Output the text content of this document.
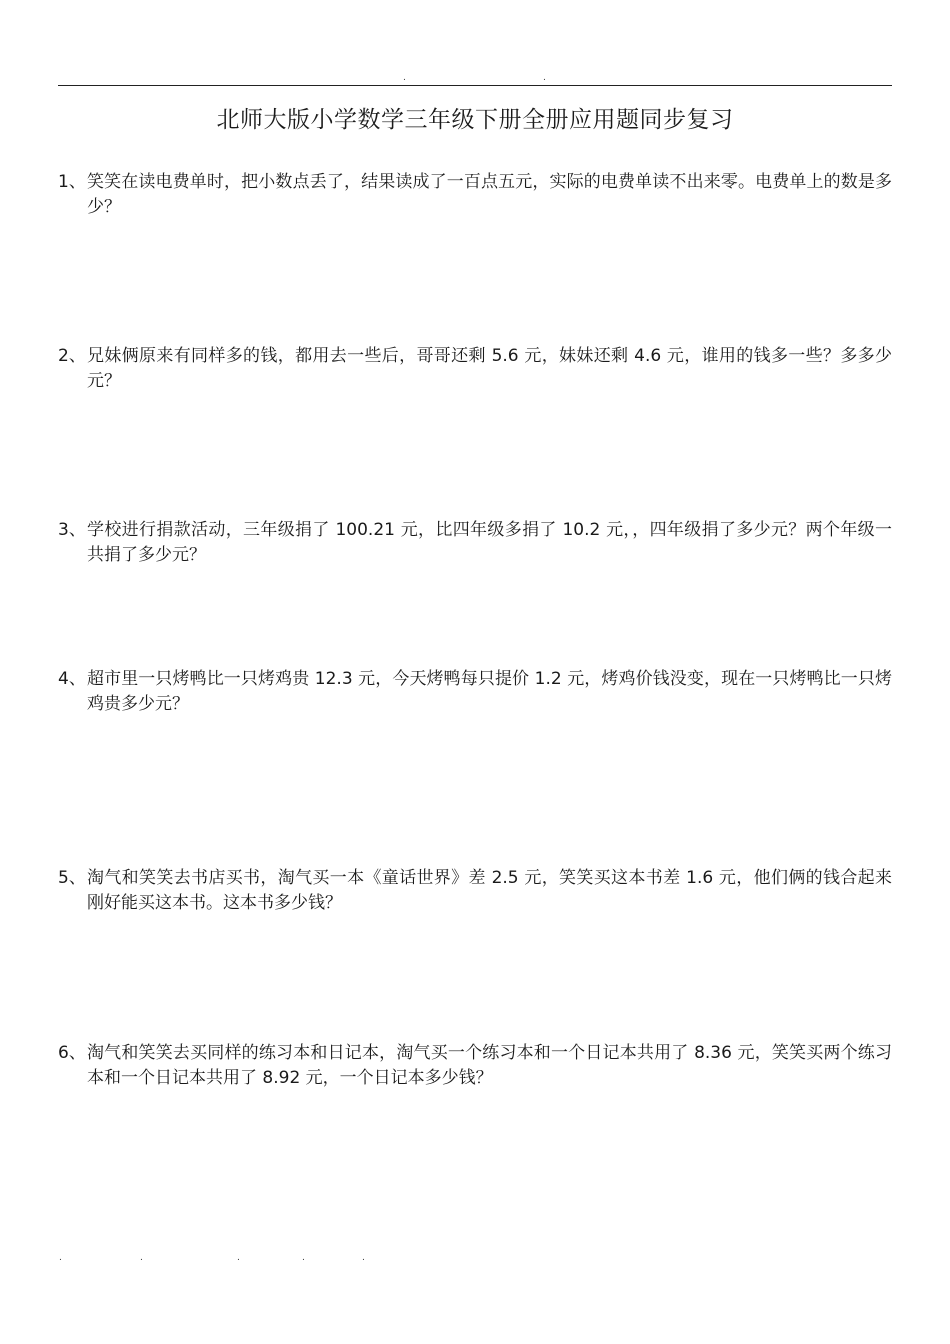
.	.
北师大版小学数学三年级下册全册应用题同步复习
1、 笑笑在读电费单时，把小数点丢了，结果读成了一百点五元，实际的电费单读不出来零。电费单上的数是多少？
2、 兄妹俩原来有同样多的钱，都用去一些后，哥哥还剩 5.6 元，妹妹还剩 4.6 元，谁用的钱多一些？多多少元？
3、 学校进行捐款活动，三年级捐了 100.21 元，比四年级多捐了 10.2 元，，四年级捐了多少元？两个年级一共捐了多少元？
4、 超市里一只烤鸭比一只烤鸡贵 12.3 元，今天烤鸭每只提价 1.2 元，烤鸡价钱没变，现在一只烤鸭比一只烤鸡贵多少元？
5、 淘气和笑笑去书店买书，淘气买一本《童话世界》差 2.5 元，笑笑买这本书差 1.6 元，他们俩的钱合起来刚好能买这本书。这本书多少钱？
6、 淘气和笑笑去买同样的练习本和日记本，淘气买一个练习本和一个日记本共用了 8.36 元，笑笑买两个练习本和一个日记本共用了 8.92 元，一个日记本多少钱？
.	.	.	.	.
